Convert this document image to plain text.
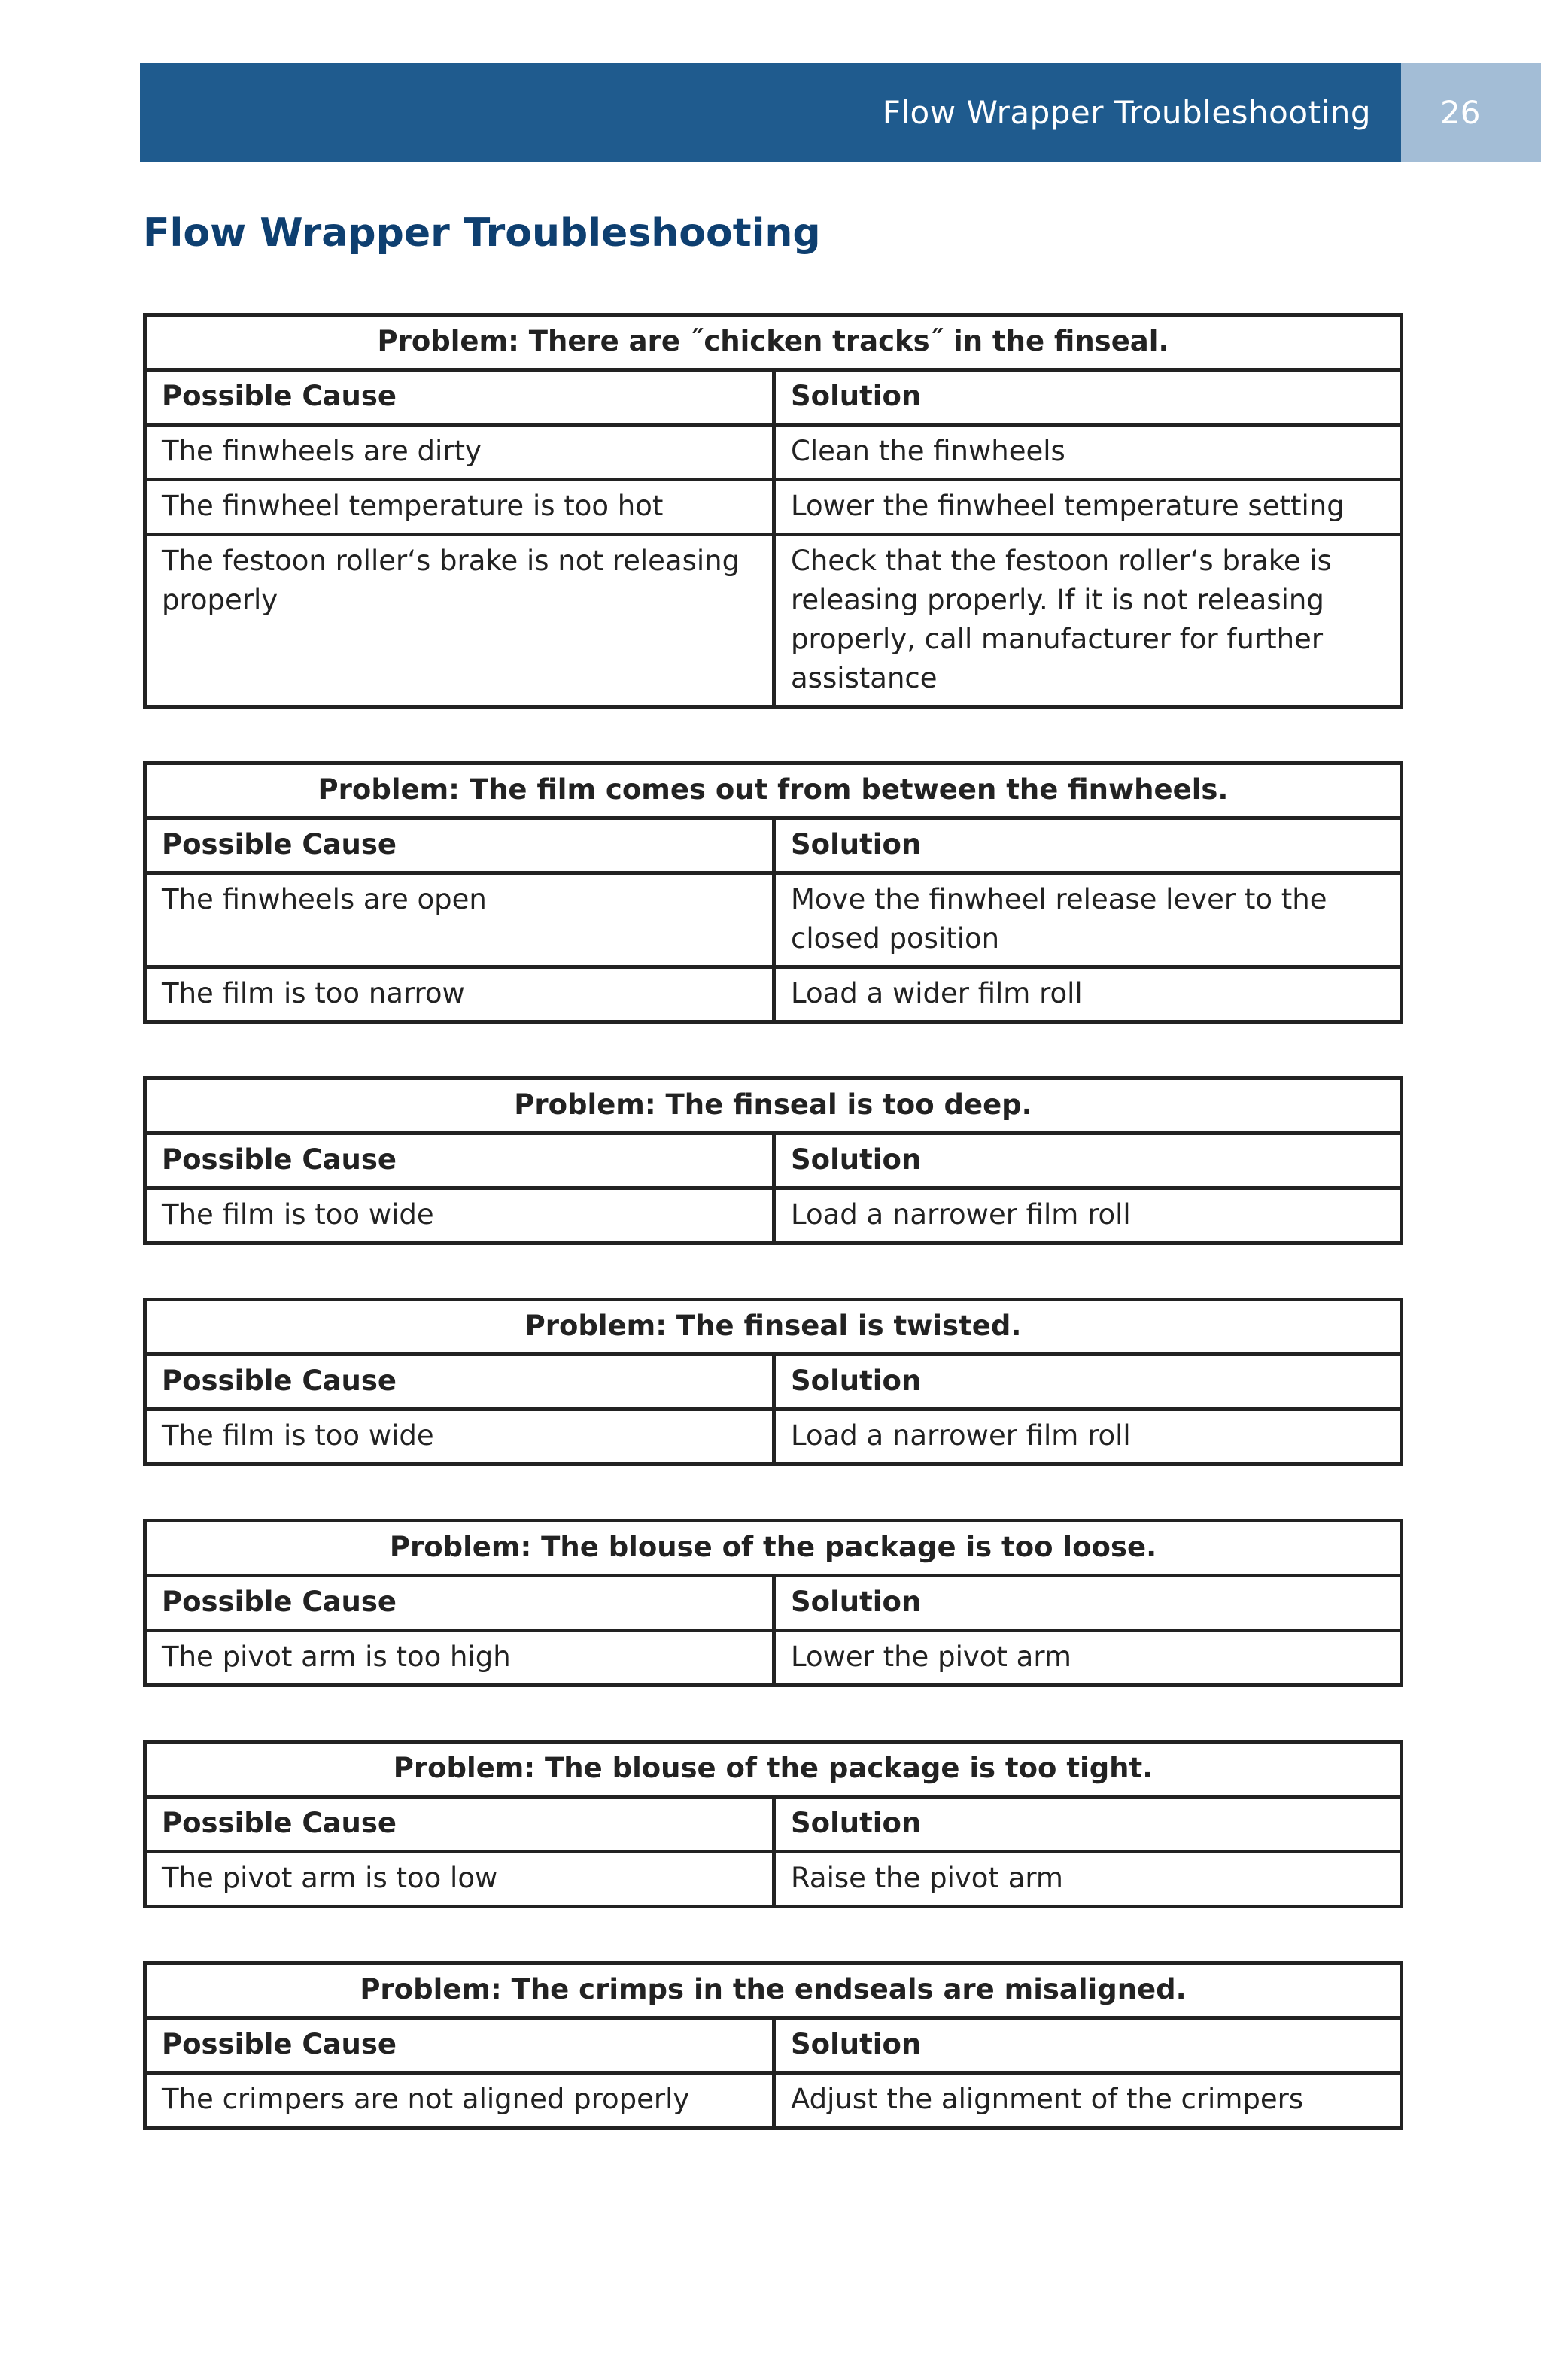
Flow Wrapper Troubleshooting 26
Flow Wrapper Troubleshooting
Problem: There are ˝chicken tracks˝ in the finseal.	
Possible Cause	Solution
The finwheels are dirty	Clean the finwheels
The finwheel temperature is too hot	Lower the finwheel temperature setting
The festoon roller‘s brake is not releasing properly	Check that the festoon roller‘s brake is releasing properly. If it is not releasing properly, call manufacturer for further assistance
Problem: The film comes out from between the finwheels.	
Possible Cause	Solution
The finwheels are open	Move the finwheel release lever to the closed position
The film is too narrow	Load a wider film roll
Problem: The finseal is too deep.	
Possible Cause	Solution
The film is too wide	Load a narrower film roll
Problem: The finseal is twisted.	
Possible Cause	Solution
The film is too wide	Load a narrower film roll
Problem: The blouse of the package is too loose.	
Possible Cause	Solution
The pivot arm is too high	Lower the pivot arm
Problem: The blouse of the package is too tight.	
Possible Cause	Solution
The pivot arm is too low	Raise the pivot arm
Problem: The crimps in the endseals are misaligned.	
Possible Cause	Solution
The crimpers are not aligned properly	Adjust the alignment of the crimpers
